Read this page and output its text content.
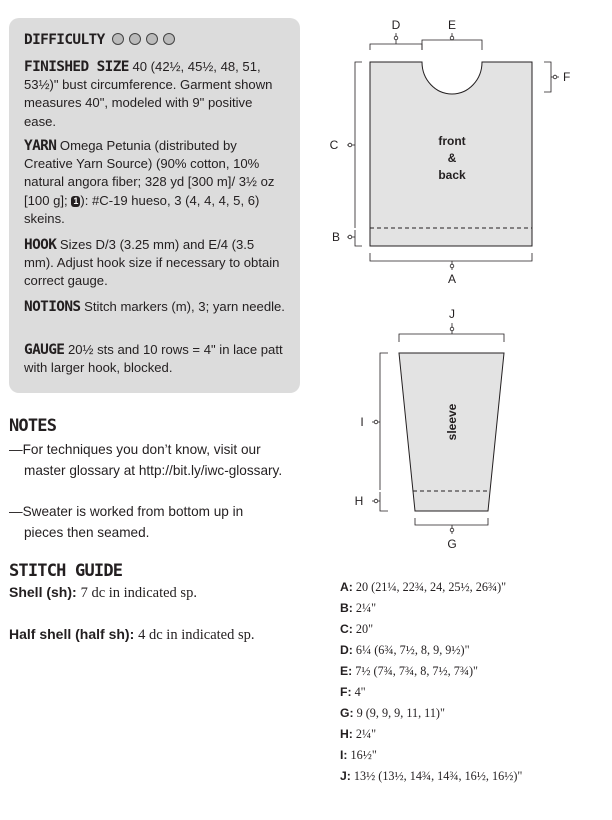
DIFFICULTY

FINISHED SIZE 40 (42½, 45½, 48, 51, 53½)" bust circumference. Garment shown measures 40", modeled with 9" positive ease.

YARN Omega Petunia (distributed by Creative Yarn Source) (90% cotton, 10% natural angora fiber; 328 yd [300 m]/ 3½ oz [100 g]; 1 ): #C-19 hueso, 3 (4, 4, 4, 5, 6) skeins.

HOOK Sizes D/3 (3.25 mm) and E/4 (3.5 mm). Adjust hook size if necessary to obtain correct gauge.

NOTIONS Stitch markers (m), 3; yarn needle.

GAUGE 20½ sts and 10 rows = 4" in lace patt with larger hook, blocked.

NOTES

—For techniques you don’t know, visit our
master glossary at http://bit.ly/iwc-glossary.

—Sweater is worked from bottom up in
pieces then seamed.

STITCH GUIDE

Shell (sh): 7 dc in indicated sp.

Half shell (half sh): 4 dc in indicated sp.

front
&
back
D	E
F
C
B
A
sleeve
J
I
H
G

A: 20 (21¼, 22¾, 24, 25½, 26¾)"

B: 2¼"

C: 20"

D: 6¼ (6¾, 7½, 8, 9, 9½)"

E: 7½ (7¾, 7¾, 8, 7½, 7¾)"

F: 4"

G: 9 (9, 9, 9, 11, 11)"

H: 2¼"

I: 16½"

J: 13½ (13½, 14¾, 14¾, 16½, 16½)"
